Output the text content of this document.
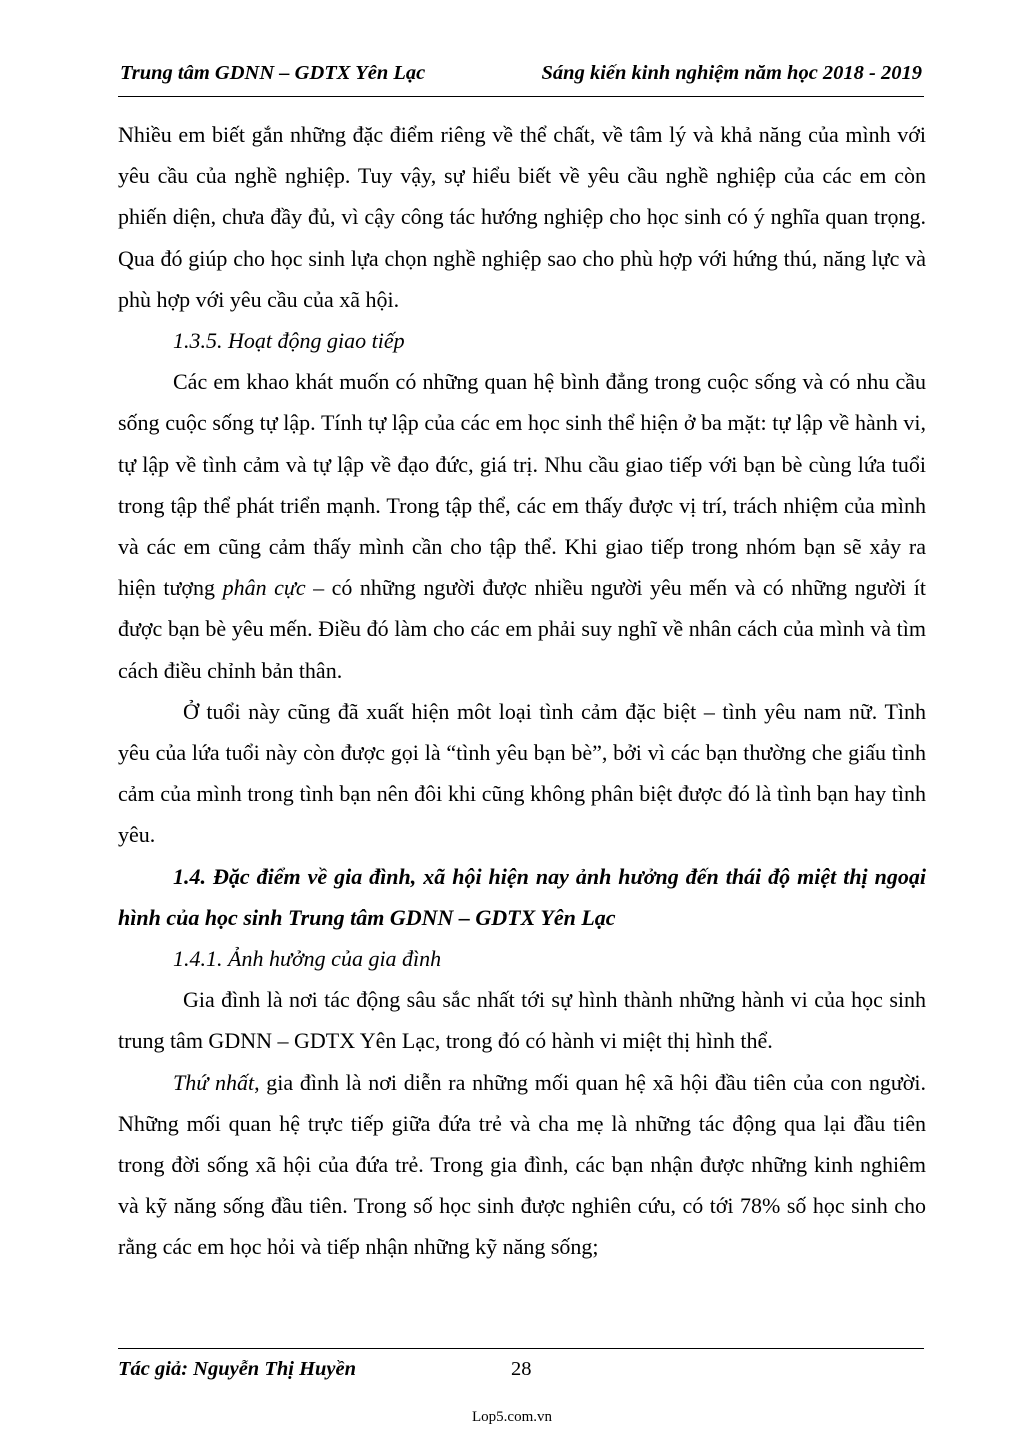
Trung tâm GDNN – GDTX Yên Lạc	Sáng kiến kinh nghiệm năm học 2018 - 2019

Nhiều em biết gắn những đặc điểm riêng về thể chất, về tâm lý và khả năng của mình với yêu cầu của nghề nghiệp. Tuy vậy, sự hiểu biết về yêu cầu nghề nghiệp của các em còn phiến diện, chưa đầy đủ, vì cậy công tác hướng nghiệp cho học sinh có ý nghĩa quan trọng. Qua đó giúp cho học sinh lựa chọn nghề nghiệp sao cho phù hợp với hứng thú, năng lực và phù hợp với yêu cầu của xã hội.

1.3.5. Hoạt động giao tiếp

Các em khao khát muốn có những quan hệ bình đẳng trong cuộc sống và có nhu cầu sống cuộc sống tự lập. Tính tự lập của các em học sinh thể hiện ở ba mặt: tự lập về hành vi, tự lập về tình cảm và tự lập về đạo đức, giá trị. Nhu cầu giao tiếp với bạn bè cùng lứa tuổi trong tập thể phát triển mạnh. Trong tập thể, các em thấy được vị trí, trách nhiệm của mình và các em cũng cảm thấy mình cần cho tập thể. Khi giao tiếp trong nhóm bạn sẽ xảy ra hiện tượng phân cực – có những người được nhiều người yêu mến và có những người ít được bạn bè yêu mến. Điều đó làm cho các em phải suy nghĩ về nhân cách của mình và tìm cách điều chỉnh bản thân.

Ở tuổi này cũng đã xuất hiện môt loại tình cảm đặc biệt – tình yêu nam nữ. Tình yêu của lứa tuổi này còn được gọi là “tình yêu bạn bè”, bởi vì các bạn thường che giấu tình cảm của mình trong tình bạn nên đôi khi cũng không phân biệt được đó là tình bạn hay tình yêu.

1.4. Đặc điểm về gia đình, xã hội hiện nay ảnh hưởng đến thái độ miệt thị ngoại hình của học sinh Trung tâm GDNN – GDTX Yên Lạc

1.4.1. Ảnh hưởng của gia đình

Gia đình là nơi tác động sâu sắc nhất tới sự hình thành những hành vi của học sinh trung tâm GDNN – GDTX Yên Lạc, trong đó có hành vi miệt thị hình thể.

Thứ nhất, gia đình là nơi diễn ra những mối quan hệ xã hội đầu tiên của con người. Những mối quan hệ trực tiếp giữa đứa trẻ và cha mẹ là những tác động qua lại đầu tiên trong đời sống xã hội của đứa trẻ. Trong gia đình, các bạn nhận được những kinh nghiêm và kỹ năng sống đầu tiên. Trong số học sinh được nghiên cứu, có tới 78% số học sinh cho rằng các em học hỏi và tiếp nhận những kỹ năng sống;

Tác giả: Nguyễn Thị Huyền	28
Lop5.com.vn
